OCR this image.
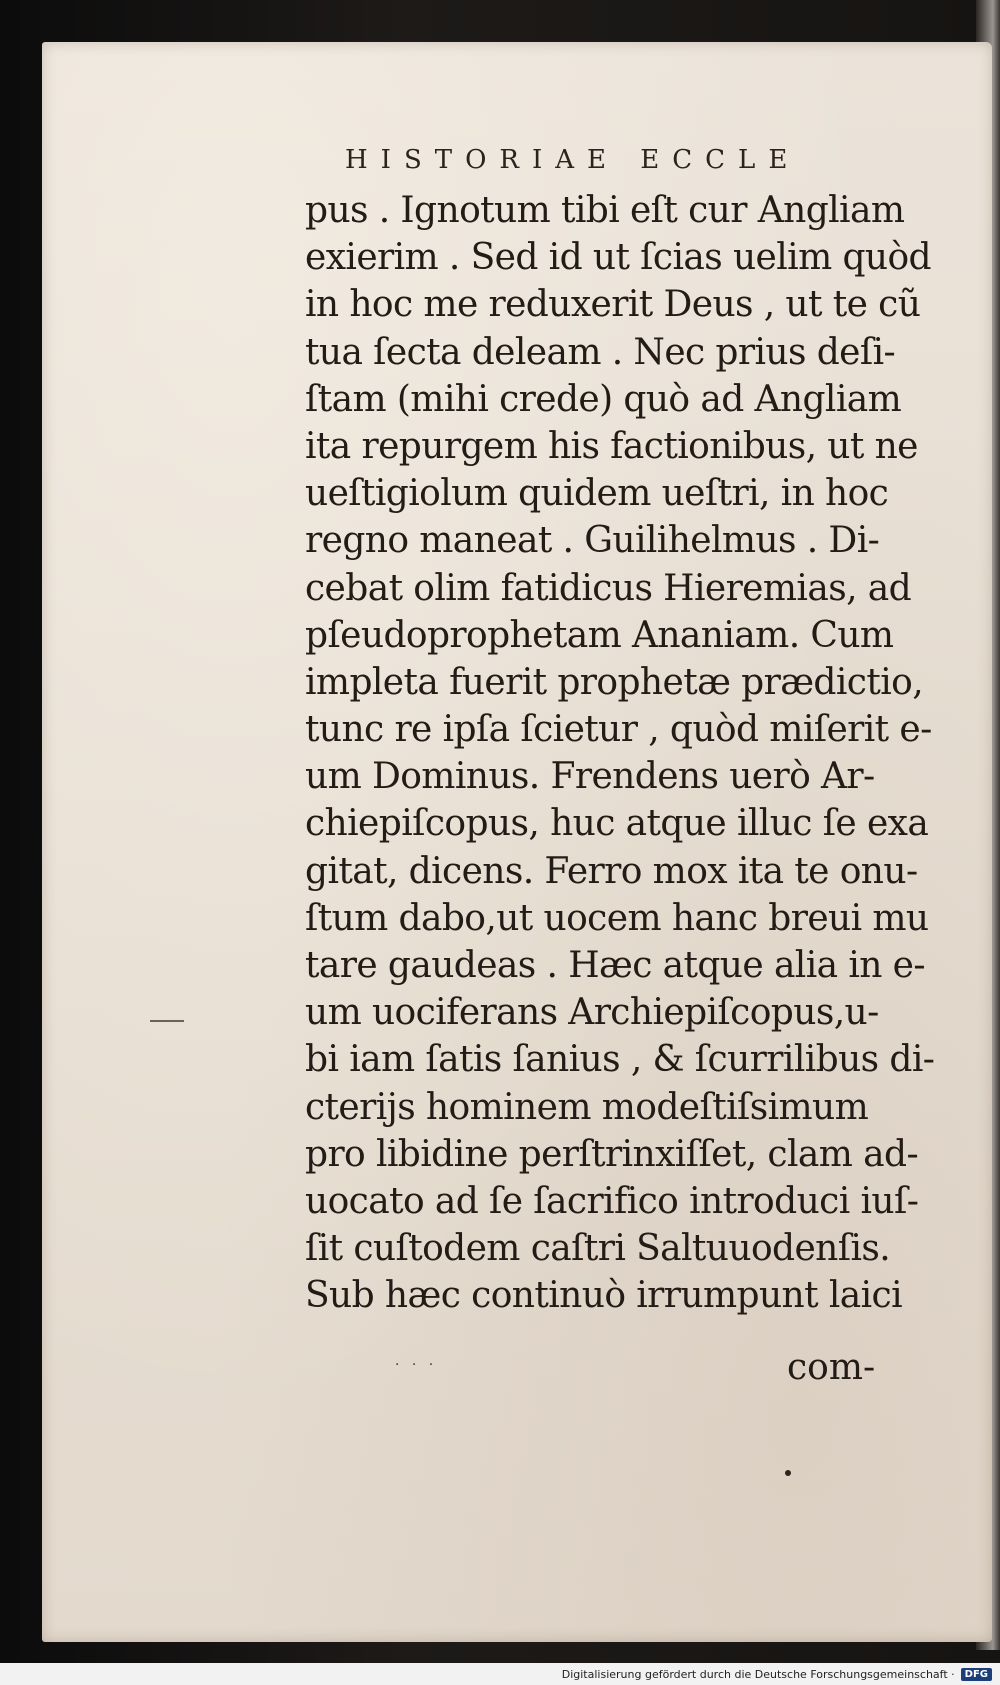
HISTORIAE ECCLE
pus . Ignotum tibi eſt cur Angliam
exierim . Sed id ut ſcias uelim quòd
in hoc me reduxerit Deus , ut te cũ
tua ſecta deleam . Nec prius deſi-
ſtam (mihi crede) quò ad Angliam
ita repurgem his factionibus, ut ne
ueſtigiolum quidem ueſtri, in hoc
regno maneat . Guilihelmus . Di-
cebat olim fatidicus Hieremias, ad
pſeudoprophetam Ananiam. Cum
impleta fuerit prophetæ prædictio,
tunc re ipſa ſcietur , quòd miſerit e-
um Dominus. Frendens uerò Ar-
chiepiſcopus, huc atque illuc ſe exa
gitat, dicens. Ferro mox ita te onu-
ſtum dabo,ut uocem hanc breui mu
tare gaudeas . Hæc atque alia in e-
um uociferans Archiepiſcopus,u-
bi iam ſatis ſanius , & ſcurrilibus di-
cterijs hominem modeſtiſsimum
pro libidine perſtrinxiſſet, clam ad-
uocato ad ſe ſacrifico introduci iuſ-
ſit cuſtodem caſtri Saltuuodenſis.
Sub hæc continuò irrumpunt laici
· · ·	com-
Digitalisierung gefördert durch die Deutsche Forschungsgemeinschaft ·	DFG
